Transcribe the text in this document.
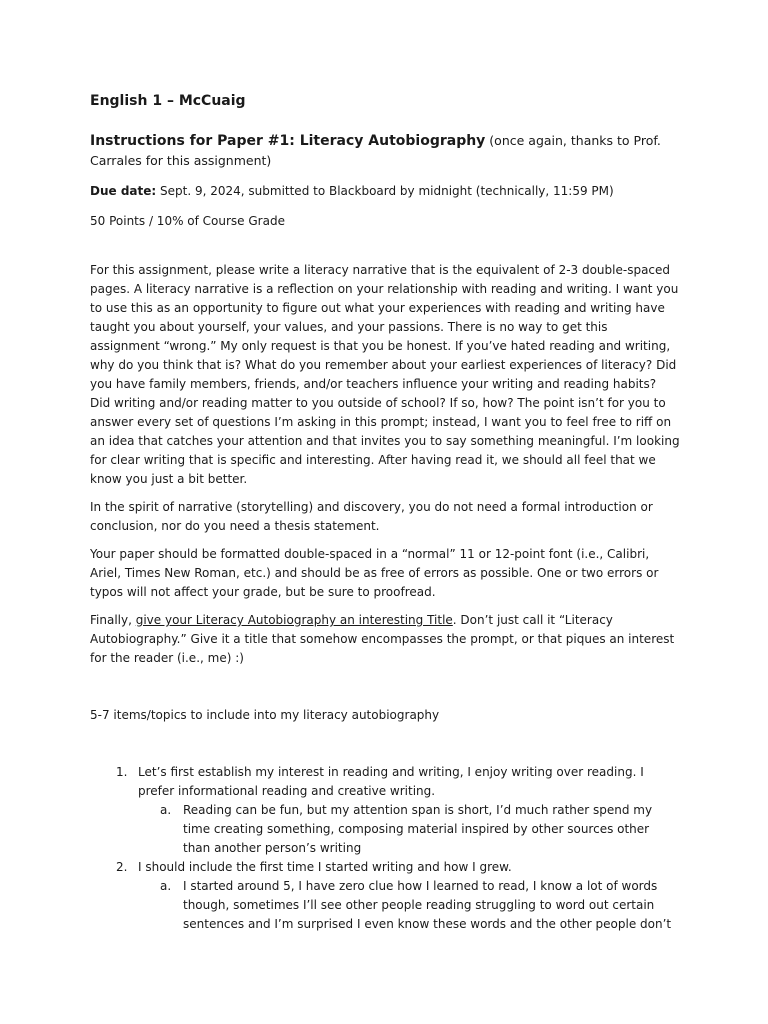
English 1 – McCuaig

Instructions for Paper #1: Literacy Autobiography (once again, thanks to Prof. Carrales for this assignment)

Due date: Sept. 9, 2024, submitted to Blackboard by midnight (technically, 11:59 PM)

50 Points / 10% of Course Grade

For this assignment, please write a literacy narrative that is the equivalent of 2-3 double-spaced pages. A literacy narrative is a reflection on your relationship with reading and writing. I want you to use this as an opportunity to figure out what your experiences with reading and writing have taught you about yourself, your values, and your passions. There is no way to get this assignment “wrong.” My only request is that you be honest. If you’ve hated reading and writing, why do you think that is? What do you remember about your earliest experiences of literacy? Did you have family members, friends, and/or teachers influence your writing and reading habits? Did writing and/or reading matter to you outside of school? If so, how? The point isn’t for you to answer every set of questions I’m asking in this prompt; instead, I want you to feel free to riff on an idea that catches your attention and that invites you to say something meaningful. I’m looking for clear writing that is specific and interesting. After having read it, we should all feel that we know you just a bit better.

In the spirit of narrative (storytelling) and discovery, you do not need a formal introduction or conclusion, nor do you need a thesis statement.

Your paper should be formatted double-spaced in a “normal” 11 or 12-point font (i.e., Calibri, Ariel, Times New Roman, etc.) and should be as free of errors as possible. One or two errors or typos will not affect your grade, but be sure to proofread.

Finally, give your Literacy Autobiography an interesting Title. Don’t just call it “Literacy Autobiography.” Give it a title that somehow encompasses the prompt, or that piques an interest for the reader (i.e., me) :)

5-7 items/topics to include into my literacy autobiography

1. Let’s first establish my interest in reading and writing, I enjoy writing over reading. I prefer informational reading and creative writing.
a. Reading can be fun, but my attention span is short, I’d much rather spend my time creating something, composing material inspired by other sources other than another person’s writing
2. I should include the first time I started writing and how I grew.
a. I started around 5, I have zero clue how I learned to read, I know a lot of words though, sometimes I’ll see other people reading struggling to word out certain sentences and I’m surprised I even know these words and the other people don’t
